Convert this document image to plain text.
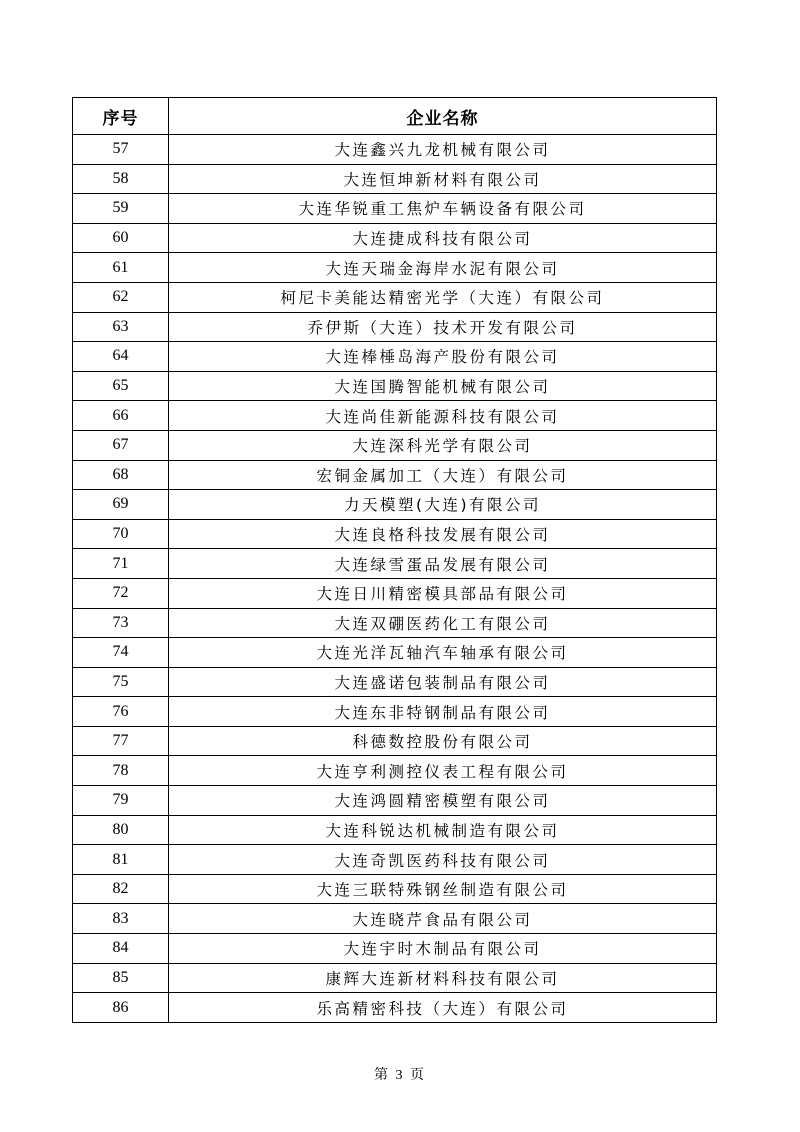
序号	企业名称
57	大连鑫兴九龙机械有限公司
58	大连恒坤新材料有限公司
59	大连华锐重工焦炉车辆设备有限公司
60	大连捷成科技有限公司
61	大连天瑞金海岸水泥有限公司
62	柯尼卡美能达精密光学（大连）有限公司
63	乔伊斯（大连）技术开发有限公司
64	大连棒棰岛海产股份有限公司
65	大连国腾智能机械有限公司
66	大连尚佳新能源科技有限公司
67	大连深科光学有限公司
68	宏铜金属加工（大连）有限公司
69	力天模塑(大连)有限公司
70	大连良格科技发展有限公司
71	大连绿雪蛋品发展有限公司
72	大连日川精密模具部品有限公司
73	大连双硼医药化工有限公司
74	大连光洋瓦轴汽车轴承有限公司
75	大连盛诺包装制品有限公司
76	大连东非特钢制品有限公司
77	科德数控股份有限公司
78	大连亨利测控仪表工程有限公司
79	大连鸿圆精密模塑有限公司
80	大连科锐达机械制造有限公司
81	大连奇凯医药科技有限公司
82	大连三联特殊钢丝制造有限公司
83	大连晓芹食品有限公司
84	大连宇时木制品有限公司
85	康辉大连新材料科技有限公司
86	乐高精密科技（大连）有限公司
第 3 页
